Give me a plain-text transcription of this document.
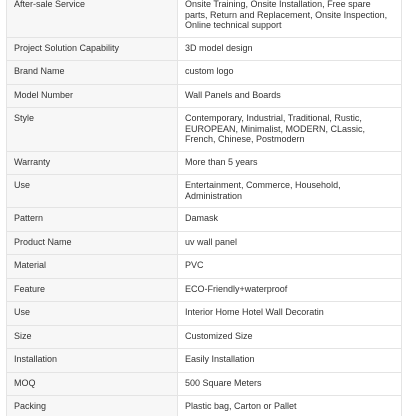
After-sale Service	Onsite Training, Onsite Installation, Free spare parts, Return and Replacement, Onsite Inspection, Online technical support
Project Solution Capability	3D model design
Brand Name	custom logo
Model Number	Wall Panels and Boards
Style	Contemporary, Industrial, Traditional, Rustic, EUROPEAN, Minimalist, MODERN, CLassic, French, Chinese, Postmodern
Warranty	More than 5 years
Use	Entertainment, Commerce, Household, Administration
Pattern	Damask
Product Name	uv wall panel
Material	PVC
Feature	ECO-Friendly+waterproof
Use	Interior Home Hotel Wall Decoratin
Size	Customized Size
Installation	Easily Installation
MOQ	500 Square Meters
Packing	Plastic bag, Carton or Pallet
